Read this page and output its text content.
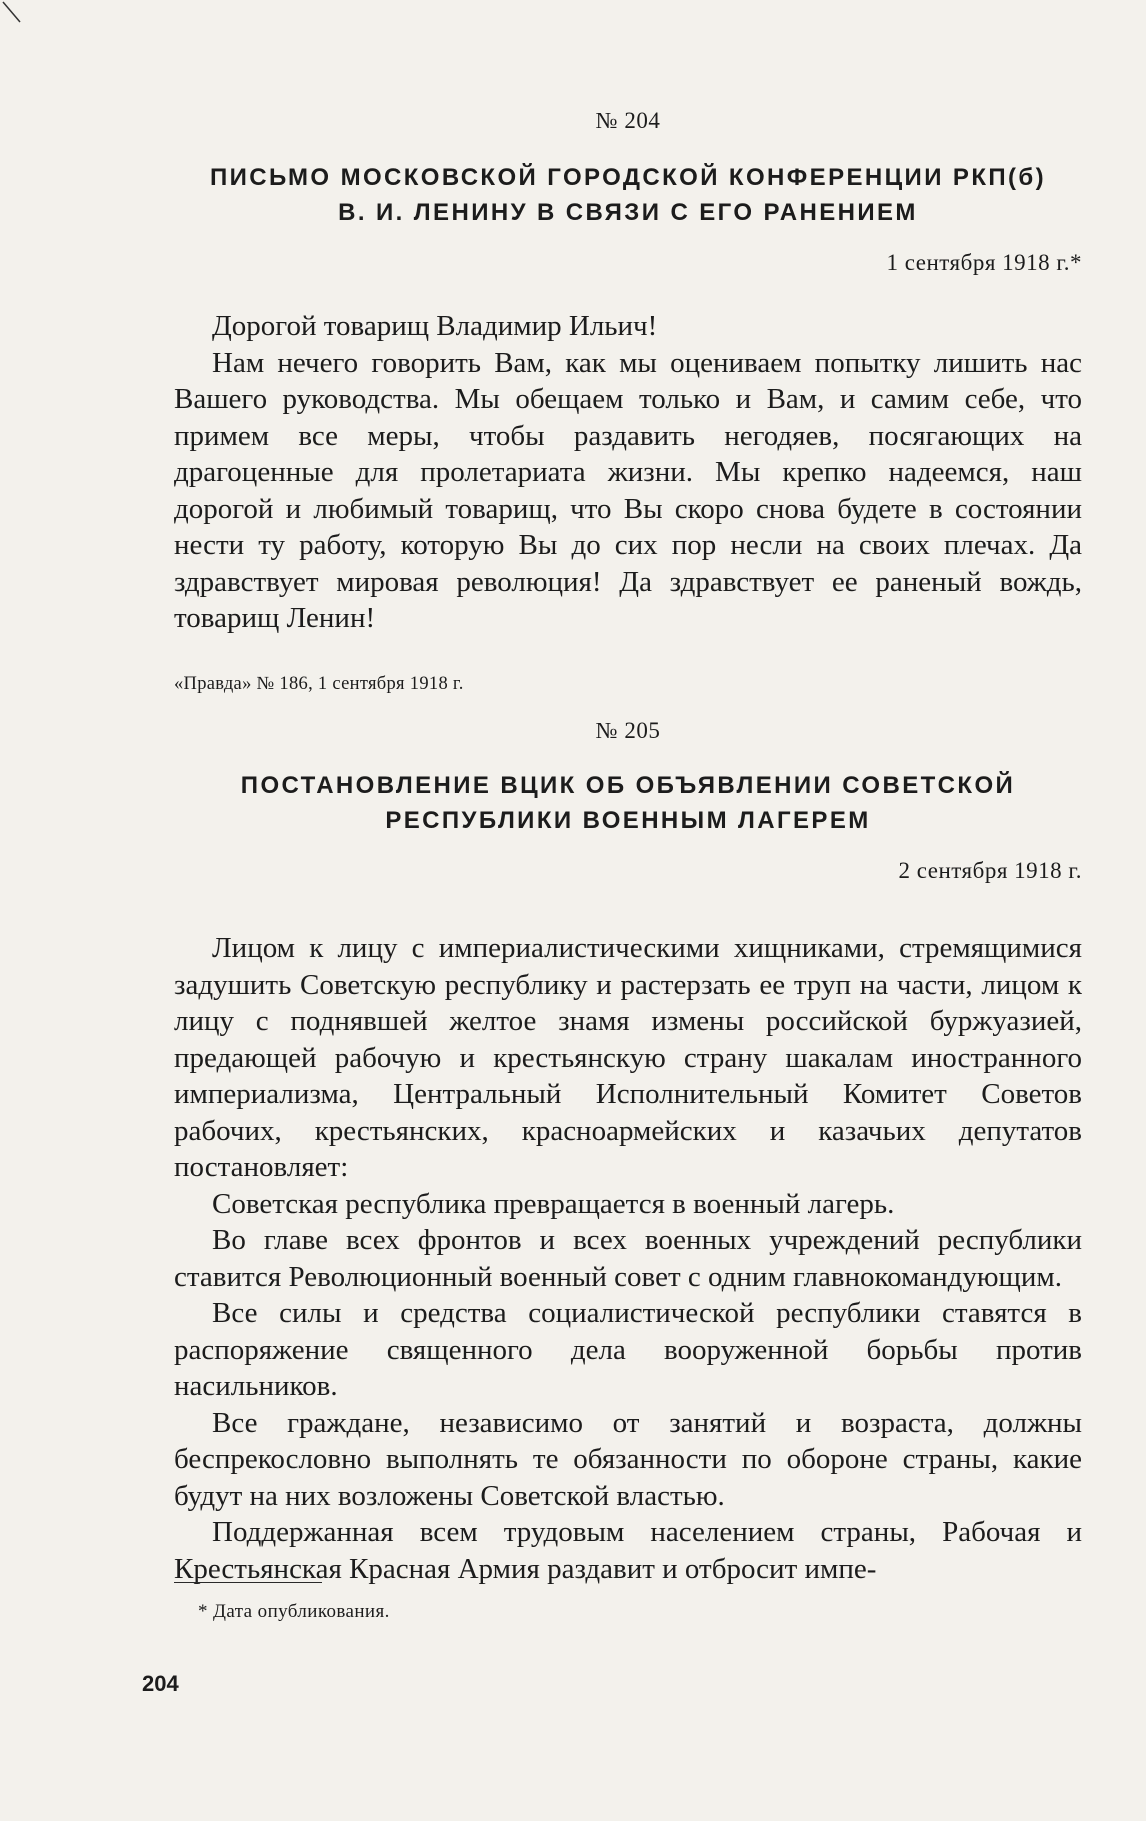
№ 204
ПИСЬМО МОСКОВСКОЙ ГОРОДСКОЙ КОНФЕРЕНЦИИ РКП(б)
В. И. ЛЕНИНУ В СВЯЗИ С ЕГО РАНЕНИЕМ
1 сентября 1918 г.*

Дорогой товарищ Владимир Ильич!

Нам нечего говорить Вам, как мы оцениваем попытку лишить нас Вашего руководства. Мы обещаем только и Вам, и самим себе, что примем все меры, чтобы раздавить негодяев, посягающих на драгоценные для пролетариата жизни. Мы крепко надеемся, наш дорогой и любимый товарищ, что Вы скоро снова будете в состоянии нести ту работу, которую Вы до сих пор несли на своих плечах. Да здравствует мировая революция! Да здравствует ее раненый вождь, товарищ Ленин!

«Правда» № 186, 1 сентября 1918 г.
№ 205
ПОСТАНОВЛЕНИЕ ВЦИК ОБ ОБЪЯВЛЕНИИ СОВЕТСКОЙ
РЕСПУБЛИКИ ВОЕННЫМ ЛАГЕРЕМ
2 сентября 1918 г.

Лицом к лицу с империалистическими хищниками, стремящимися задушить Советскую республику и растерзать ее труп на части, лицом к лицу с поднявшей желтое знамя измены российской буржуазией, предающей рабочую и крестьянскую страну шакалам иностранного империализма, Центральный Исполнительный Комитет Советов рабочих, крестьянских, красноармейских и казачьих депутатов постановляет:

Советская республика превращается в военный лагерь.

Во главе всех фронтов и всех военных учреждений республики ставится Революционный военный совет с одним главнокомандующим.

Все силы и средства социалистической республики ставятся в распоряжение священного дела вооруженной борьбы против насильников.

Все граждане, независимо от занятий и возраста, должны беспрекословно выполнять те обязанности по обороне страны, какие будут на них возложены Советской властью.

Поддержанная всем трудовым населением страны, Рабочая и Крестьянская Красная Армия раздавит и отбросит импе-

* Дата опубликования.
204
